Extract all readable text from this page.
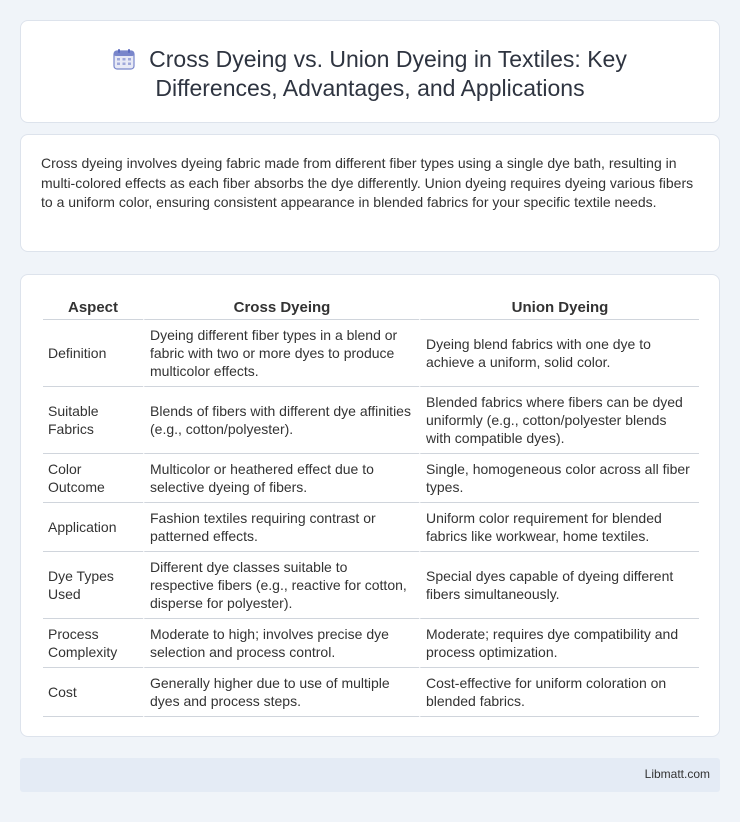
Cross Dyeing vs. Union Dyeing in Textiles: Key
Differences, Advantages, and Applications

Cross dyeing involves dyeing fabric made from different fiber types using a single dye bath, resulting in multi-colored effects as each fiber absorbs the dye differently. Union dyeing requires dyeing various fibers to a uniform color, ensuring consistent appearance in blended fabrics for your specific textile needs.

Aspect	Cross Dyeing	Union Dyeing
Definition	Dyeing different fiber types in a blend or fabric with two or more dyes to produce multicolor effects.	Dyeing blend fabrics with one dye to achieve a uniform, solid color.
Suitable Fabrics	Blends of fibers with different dye affinities (e.g., cotton/polyester).	Blended fabrics where fibers can be dyed uniformly (e.g., cotton/polyester blends with compatible dyes).
Color Outcome	Multicolor or heathered effect due to selective dyeing of fibers.	Single, homogeneous color across all fiber types.
Application	Fashion textiles requiring contrast or patterned effects.	Uniform color requirement for blended fabrics like workwear, home textiles.
Dye Types Used	Different dye classes suitable to respective fibers (e.g., reactive for cotton, disperse for polyester).	Special dyes capable of dyeing different fibers simultaneously.
Process Complexity	Moderate to high; involves precise dye selection and process control.	Moderate; requires dye compatibility and process optimization.
Cost	Generally higher due to use of multiple dyes and process steps.	Cost-effective for uniform coloration on blended fabrics.
Libmatt.com
